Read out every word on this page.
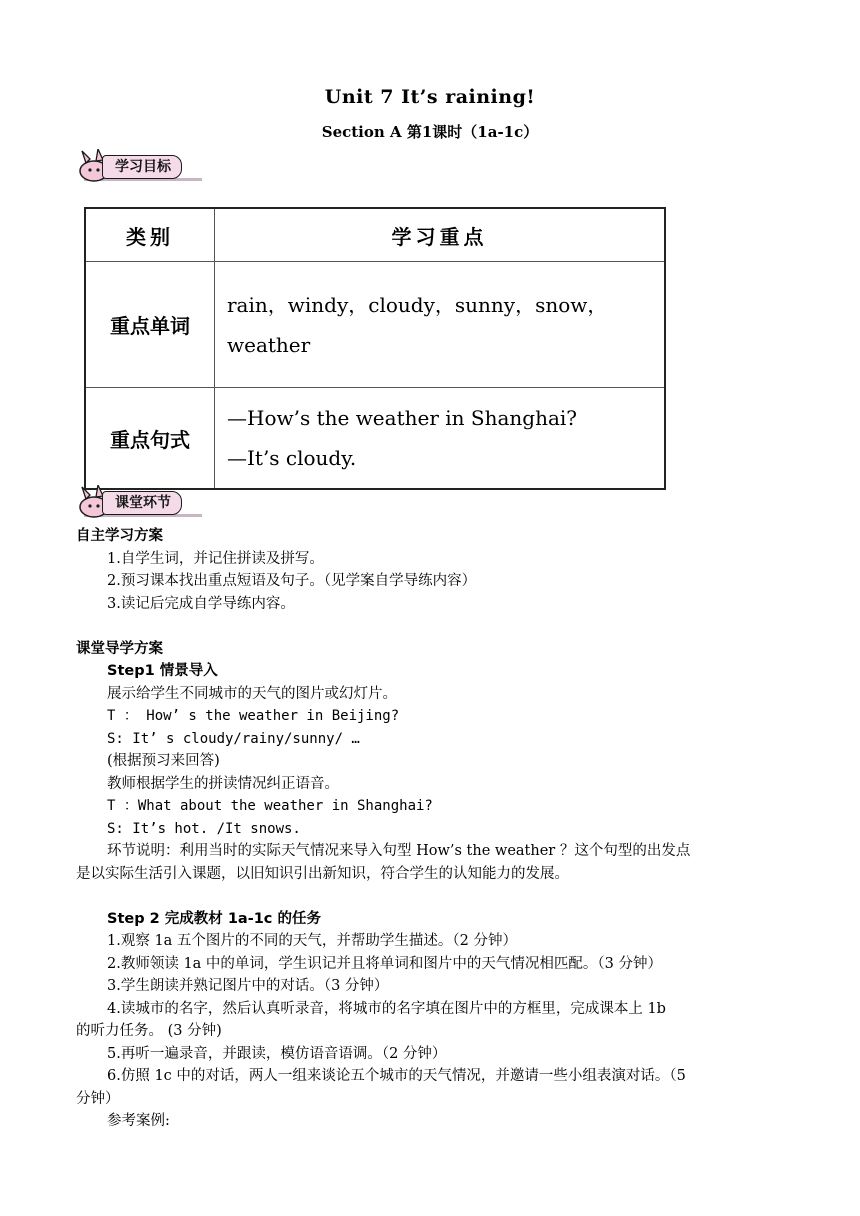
Unit 7 It’s raining!
Section A 第1课时（1a-1c）
学习目标
类别	学习重点
重点单词	rain，windy，cloudy，sunny，snow，
weather

重点句式	—How’s the weather in Shanghai?
—It’s cloudy.
课堂环节

自主学习方案

1.自学生词，并记住拼读及拼写。

2.预习课本找出重点短语及句子。（见学案自学导练内容）

3.读记后完成自学导练内容。

课堂导学方案

Step1 情景导入

展示给学生不同城市的天气的图片或幻灯片。

T ： How’ s the weather in Beijing?

S: It’ s cloudy/rainy/sunny/ …

(根据预习来回答)

教师根据学生的拼读情况纠正语音。

T ：What about the weather in Shanghai?

S: It’s hot. /It snows.

环节说明：利用当时的实际天气情况来导入句型 How’s the weather ？这个句型的出发点

是以实际生活引入课题，以旧知识引出新知识，符合学生的认知能力的发展。

Step 2 完成教材 1a-1c 的任务

1.观察 1a 五个图片的不同的天气，并帮助学生描述。（2 分钟）

2.教师领读 1a 中的单词，学生识记并且将单词和图片中的天气情况相匹配。（3 分钟）

3.学生朗读并熟记图片中的对话。（3 分钟）

4.读城市的名字，然后认真听录音，将城市的名字填在图片中的方框里，完成课本上 1b

的听力任务。 (3 分钟)

5.再听一遍录音，并跟读，模仿语音语调。（2 分钟）

6.仿照 1c 中的对话，两人一组来谈论五个城市的天气情况，并邀请一些小组表演对话。（5

分钟）

参考案例:
